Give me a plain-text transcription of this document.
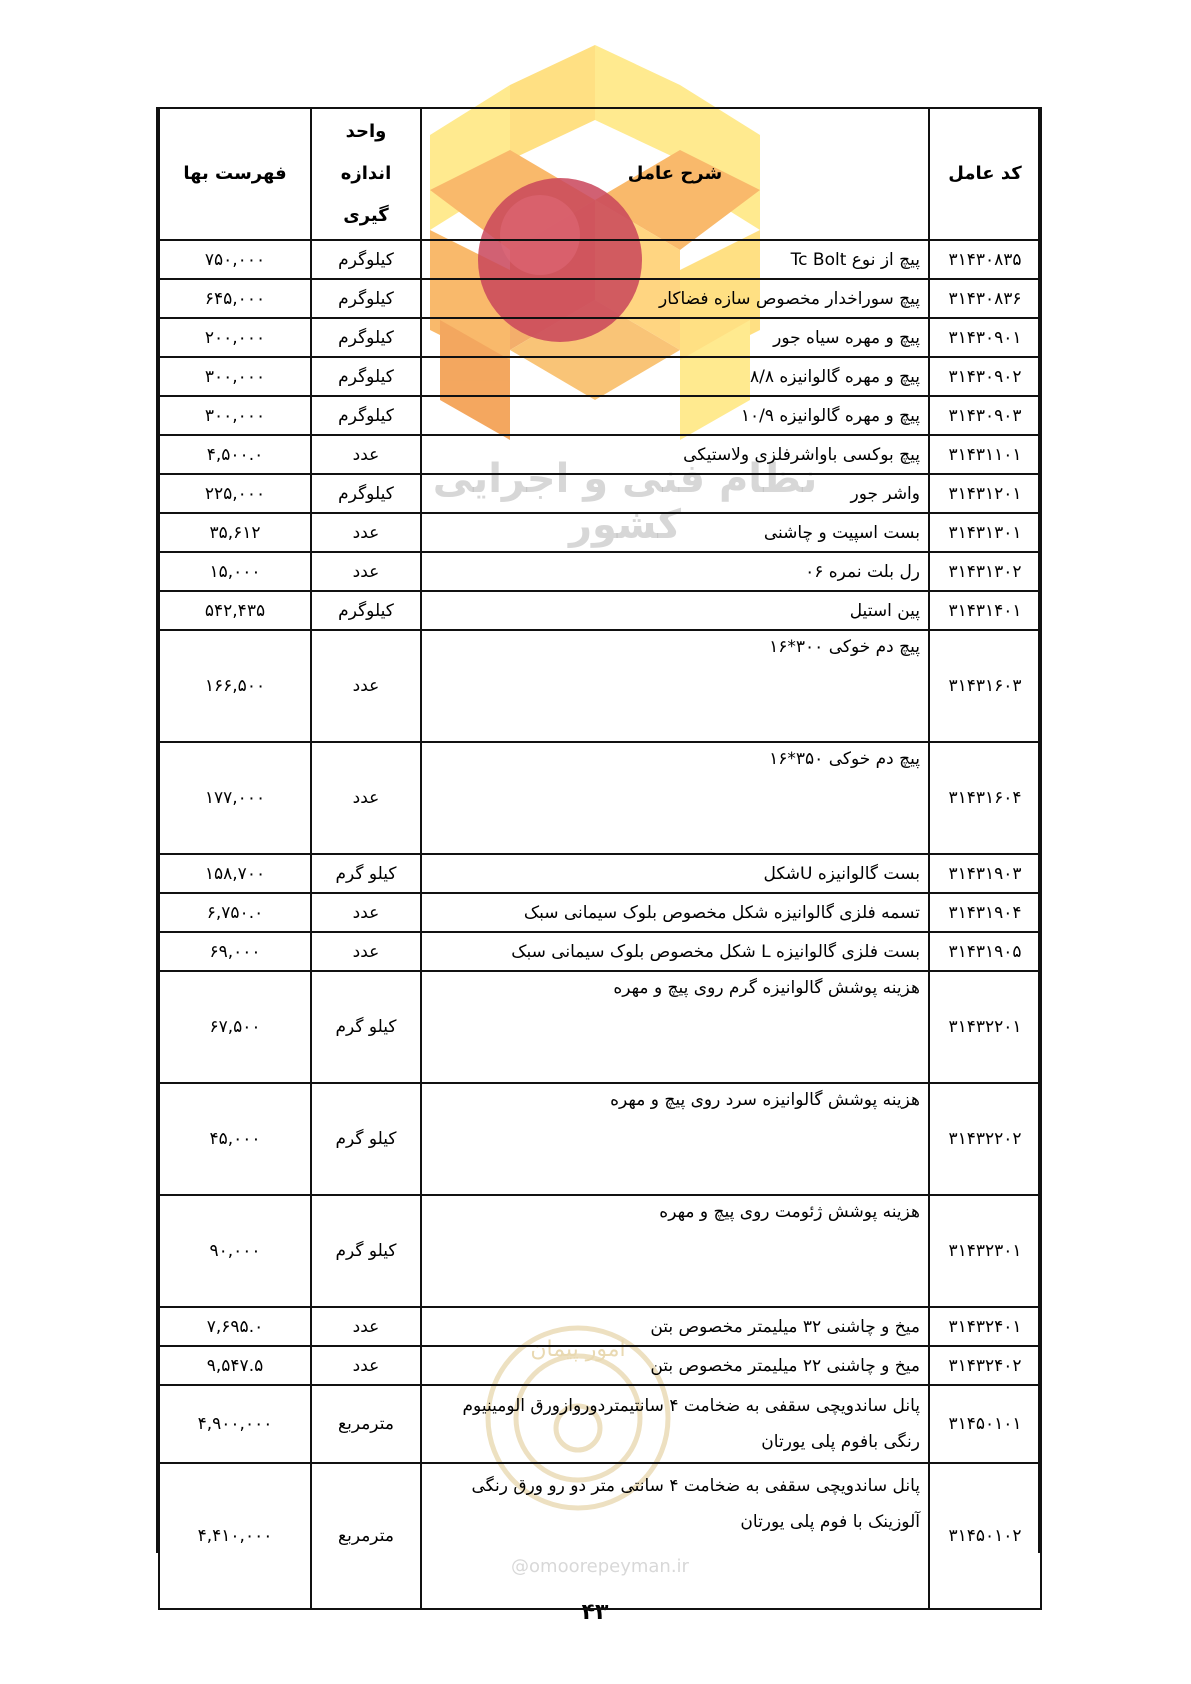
نظام فنی و اجرایی کشور
امور پیمان
@omoorepeyman.ir
کد عامل	شرح عامل	واحد اندازه گیری	فهرست بها
۳۱۴۳۰۸۳۵	پیچ از نوع Tc Bolt	کیلوگرم	۷۵۰,۰۰۰
۳۱۴۳۰۸۳۶	پیچ سوراخدار مخصوص سازه فضاکار	کیلوگرم	۶۴۵,۰۰۰
۳۱۴۳۰۹۰۱	پیچ و مهره سیاه جور	کیلوگرم	۲۰۰,۰۰۰
۳۱۴۳۰۹۰۲	پیچ و مهره گالوانیزه ۸/۸	کیلوگرم	۳۰۰,۰۰۰
۳۱۴۳۰۹۰۳	پیچ و مهره گالوانیزه ۱۰/۹	کیلوگرم	۳۰۰,۰۰۰
۳۱۴۳۱۱۰۱	پیچ بوکسی باواشرفلزی ولاستیکی	عدد	۴,۵۰۰.۰
۳۱۴۳۱۲۰۱	واشر جور	کیلوگرم	۲۲۵,۰۰۰
۳۱۴۳۱۳۰۱	بست اسپیت و چاشنی	عدد	۳۵,۶۱۲
۳۱۴۳۱۳۰۲	رل بلت نمره ۰۶	عدد	۱۵,۰۰۰
۳۱۴۳۱۴۰۱	پین استیل	کیلوگرم	۵۴۲,۴۳۵
۳۱۴۳۱۶۰۳	پیچ دم خوکی ۳۰۰*۱۶	عدد	۱۶۶,۵۰۰
۳۱۴۳۱۶۰۴	پیچ دم خوکی ۳۵۰*۱۶	عدد	۱۷۷,۰۰۰
۳۱۴۳۱۹۰۳	بست گالوانیزه Uشکل	کیلو گرم	۱۵۸,۷۰۰
۳۱۴۳۱۹۰۴	تسمه فلزی گالوانیزه شکل مخصوص بلوک سیمانی سبک	عدد	۶,۷۵۰.۰
۳۱۴۳۱۹۰۵	بست فلزی گالوانیزه L شکل مخصوص بلوک سیمانی سبک	عدد	۶۹,۰۰۰
۳۱۴۳۲۲۰۱	هزینه پوشش گالوانیزه گرم روی پیچ و مهره	کیلو گرم	۶۷,۵۰۰
۳۱۴۳۲۲۰۲	هزینه پوشش گالوانیزه سرد روی پیچ و مهره	کیلو گرم	۴۵,۰۰۰
۳۱۴۳۲۳۰۱	هزینه پوشش ژئومت روی پیچ و مهره	کیلو گرم	۹۰,۰۰۰
۳۱۴۳۲۴۰۱	میخ و چاشنی ۳۲ میلیمتر مخصوص بتن	عدد	۷,۶۹۵.۰
۳۱۴۳۲۴۰۲	میخ و چاشنی ۲۲ میلیمتر مخصوص بتن	عدد	۹,۵۴۷.۵
۳۱۴۵۰۱۰۱	پانل ساندویچی سقفی به ضخامت ۴ سانتیمتردورواز‌ورق الومینیوم رنگی بافوم پلی یورتان	مترمربع	۴,۹۰۰,۰۰۰
۳۱۴۵۰۱۰۲	پانل ساندویچی سقفی به ضخامت ۴ سانتی متر دو رو ورق رنگی آلوزینک با فوم پلی یورتان	مترمربع	۴,۴۱۰,۰۰۰
۴۳
